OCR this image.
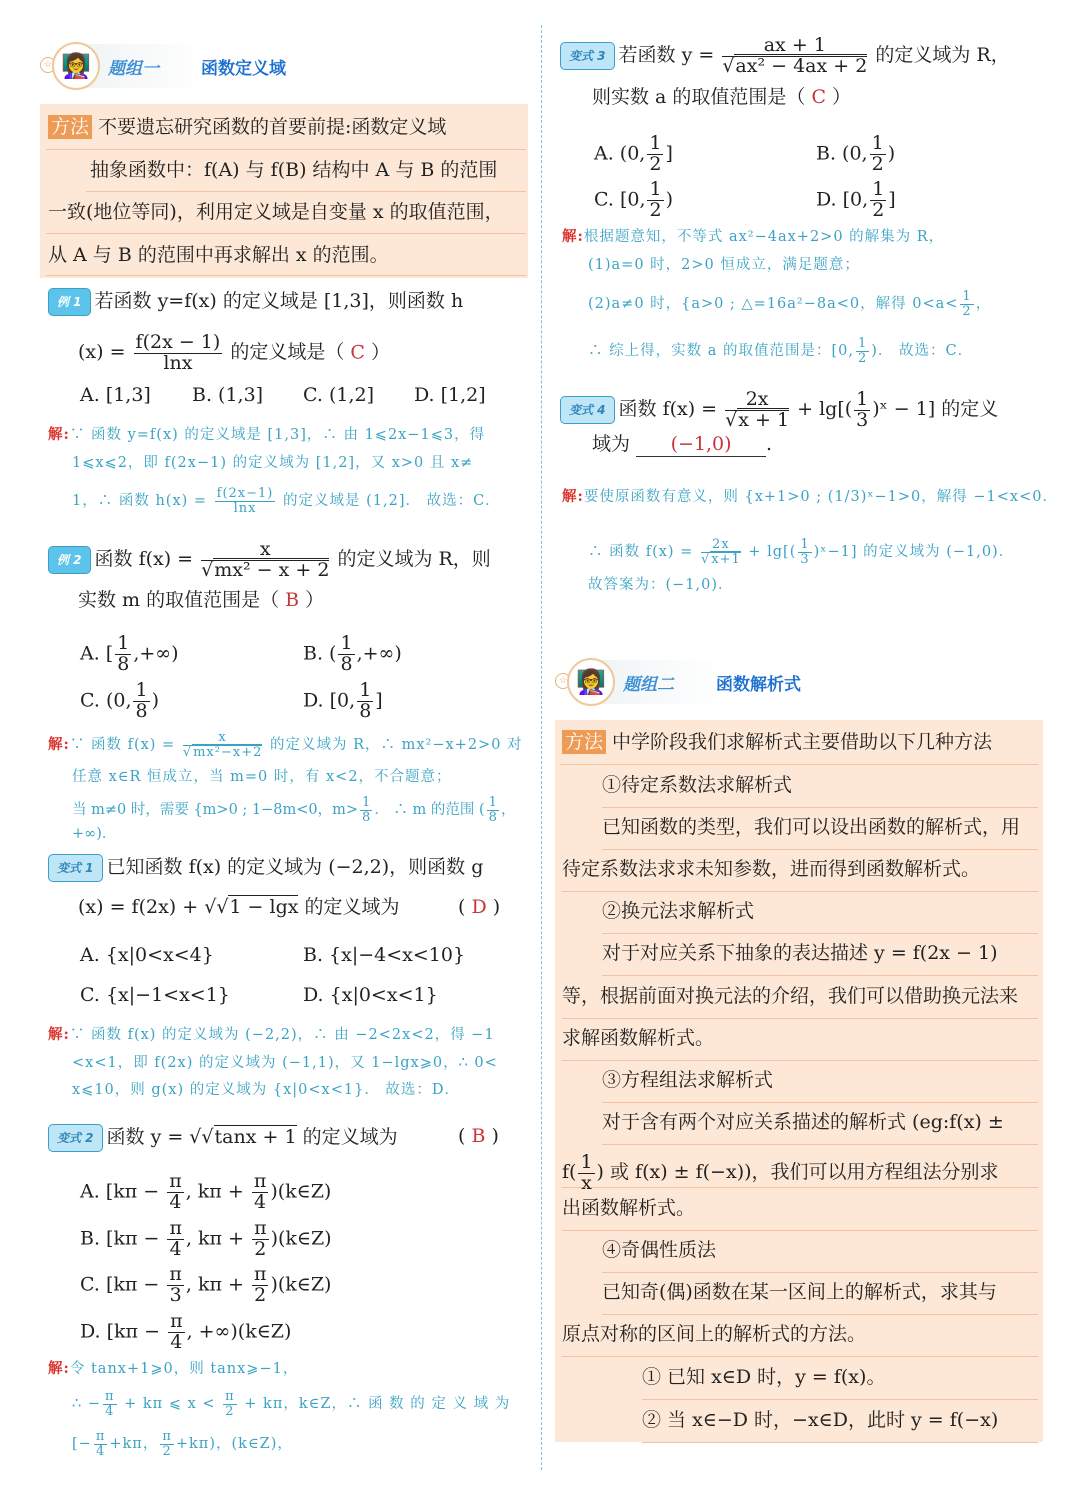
☆ 👩‍🏫	题组一 函数定义域
方法 不要遗忘研究函数的首要前提:函数定义域
抽象函数中：f(A) 与 f(B) 结构中 A 与 B 的范围
一致(地位等同)，利用定义域是自变量 x 的取值范围，
从 A 与 B 的范围中再求解出 x 的范围。
例 1 若函数 y=f(x) 的定义域是 [1,3]，则函数 h
$(x) = \frac{f(2x - 1)}{\ln x}$ 的定义域是（ C ）
A. [1,3] B. (1,3] C. (1,2] D. [1,2]
解:∵ 函数 y=f(x) 的定义域是 [1,3]，∴ 由 1⩽2x−1⩽3，得
1⩽x⩽2，即 f(2x−1) 的定义域为 [1,2]，又 x>0 且 x≠
1，∴ 函数 $h(x) = \frac{f(2x-1)}{\ln x}$ 的定义域是 (1,2]． 故选：C．
例 2 函数 $f(x) = \frac{x}{\text{√mx² − x + 2}}$ 的定义域为 R，则
实数 m 的取值范围是（ B ）
A. [ $\frac{1}{8}$ ,+∞)	B. ( $\frac{1}{8}$ ,+∞)
C. (0, $\frac{1}{8}$ )	D. [0, $\frac{1}{8}$ ]
解:∵ 函数 $f(x) = \frac{x}{\text{√mx²−x+2}}$ 的定义域为 R，∴ mx²−x+2>0 对
任意 x∈R 恒成立，当 m=0 时，有 x<2，不合题意；
当 m≠0 时，需要 {m>0 ; 1−8m<0，$m> \frac{1}{8}$ ． ∴ m 的范围 ( $\frac{1}{8}$ ，+∞)．
变式 1 已知函数 f(x) 的定义域为 (−2,2)，则函数 g
(x) = f(2x) + √√1 − lgx 的定义域为	( D )
A. {x|0<x<4}	B. {x|−4<x<10}
C. {x|−1<x<1}	D. {x|0<x<1}
解:∵ 函数 f(x) 的定义域为 (−2,2)，∴ 由 −2<2x<2，得 −1
<x<1，即 f(2x) 的定义域为 (−1,1)，又 1−lgx⩾0，∴ 0<
x⩽10，则 g(x) 的定义域为 {x|0<x<1}． 故选：D．
变式 2 函数 y = √√tanx + 1 的定义域为	( B )
A. [$k\pi - \frac{\pi}{4}$ , $k\pi + \frac{\pi}{4}$ )(k∈Z)
B. [$k\pi - \frac{\pi}{4}$ , $k\pi + \frac{\pi}{2}$ )(k∈Z)
C. [$k\pi - \frac{\pi}{3}$ , $k\pi + \frac{\pi}{2}$ )(k∈Z)
D. [$k\pi - \frac{\pi}{4}$ , +∞)(k∈Z)
解:令 tanx+1⩾0，则 tanx⩾−1，
∴ − $\frac{\pi}{4} + k\pi$ ⩽ $x < \frac{\pi}{2} + k\pi$，k∈Z，∴ 函 数 的 定 义 域 为
[− $\frac{\pi}{4} +k\pi$， $\frac{\pi}{2} +k\pi$)，(k∈Z)，
变式 3 若函数 $y = \frac{ax + 1}{\text{√ax² − 4ax + 2}}$ 的定义域为 R，
则实数 a 的取值范围是（ C ）
A. (0, $\frac{1}{2}$ ]	B. (0, $\frac{1}{2}$ )
C. [0, $\frac{1}{2}$ )	D. [0, $\frac{1}{2}$ ]
解:根据题意知，不等式 ax²−4ax+2>0 的解集为 R，
(1)a=0 时，2>0 恒成立，满足题意；
(2)a≠0 时，{a>0 ; △=16a²−8a<0，解得 $0<a< \frac{1}{2}$ ，
∴ 综上得，实数 a 的取值范围是：[0, $\frac{1}{2}$ )． 故选：C．
变式 4 函数 $f(x) = \frac{2x}{√x + 1} + \lg[( \frac{1}{3}$ )ˣ − 1] 的定义
域为 (−1,0) .
解:要使原函数有意义，则 {x+1>0 ; (1/3)ˣ−1>0，解得 −1<x<0．
∴ 函数 $f(x) = \frac{2x}{√x+1} + \lg[( \frac{1}{3}$ )ˣ−1] 的定义域为 (−1,0)．
故答案为：(−1,0)．
☆ 👩‍🏫	题组二 函数解析式
方法 中学阶段我们求解析式主要借助以下几种方法
①待定系数法求解析式
已知函数的类型，我们可以设出函数的解析式，用
待定系数法求求未知参数，进而得到函数解析式。
②换元法求解析式
对于对应关系下抽象的表达描述 y = f(2x − 1)
等，根据前面对换元法的介绍，我们可以借助换元法来
求解函数解析式。
③方程组法求解析式
对于含有两个对应关系描述的解析式 (eg:f(x) ±
$f( \frac{1}{x}$ ) 或 f(x) ± f(−x))，我们可以用方程组法分别求
出函数解析式。
④奇偶性质法
已知奇(偶)函数在某一区间上的解析式，求其与
原点对称的区间上的解析式的方法。
① 已知 x∈D 时，y = f(x)。
② 当 x∈−D 时，−x∈D，此时 y = f(−x)
